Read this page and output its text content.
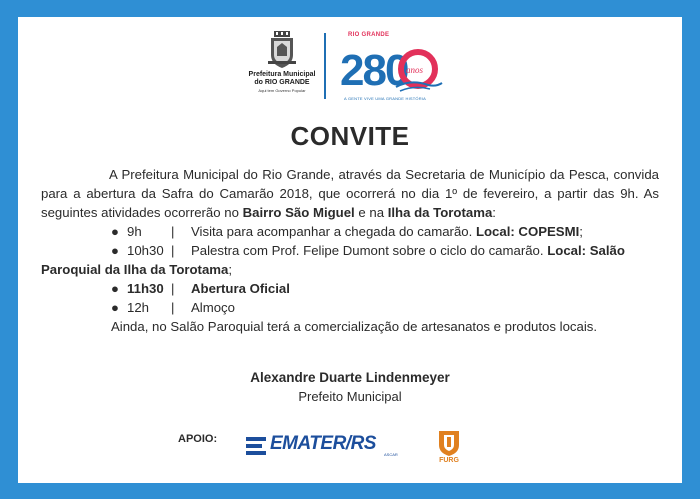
Prefeitura Municipal
do RIO GRANDE
Aqui tem Governo Popular
RIO GRANDE
280
anos
A GENTE VIVE UMA GRANDE HISTÓRIA
CONVITE

A Prefeitura Municipal do Rio Grande, através da Secretaria de Município da Pesca, convida para a abertura da Safra do Camarão 2018, que ocorrerá no dia 1º de fevereiro, a partir das 9h. As seguintes atividades ocorrerão no Bairro São Miguel e na Ilha da Torotama:

● 9h | Visita para acompanhar a chegada do camarão. Local: COPESMI;

● 10h30 | Palestra com Prof. Felipe Dumont sobre o ciclo do camarão. Local: Salão

Paroquial da Ilha da Torotama;

● 11h30 | Abertura Oficial

● 12h | Almoço

Ainda, no Salão Paroquial terá a comercialização de artesanatos e produtos locais.

Alexandre Duarte Lindenmeyer
Prefeito Municipal
APOIO:	EMATER/RS
ASCAR
FURG
